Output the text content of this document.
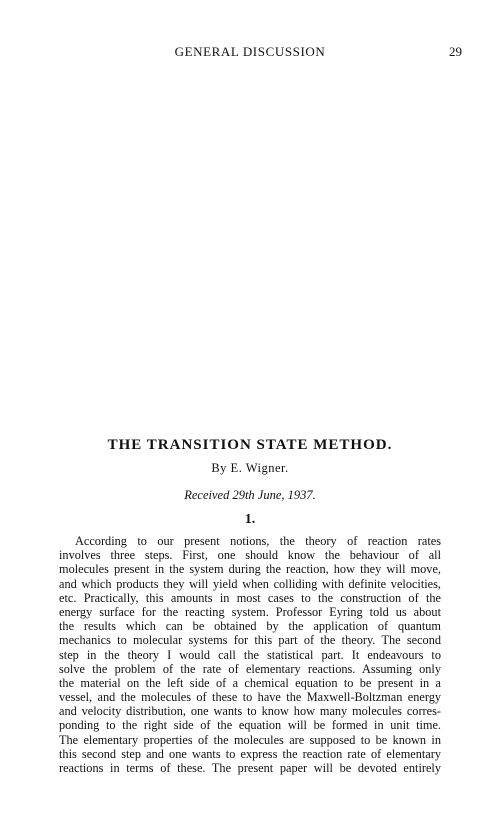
GENERAL DISCUSSION	29
THE TRANSITION STATE METHOD.
By E. Wigner.
Received 29th June, 1937.
1.
According to our present notions, the theory of reaction rates
involves three steps. First, one should know the behaviour of all
molecules present in the system during the reaction, how they will move,
and which products they will yield when colliding with definite velocities,
etc. Practically, this amounts in most cases to the construction of the
energy surface for the reacting system. Professor Eyring told us about
the results which can be obtained by the application of quantum
mechanics to molecular systems for this part of the theory. The second
step in the theory I would call the statistical part. It endeavours to
solve the problem of the rate of elementary reactions. Assuming only
the material on the left side of a chemical equation to be present in a
vessel, and the molecules of these to have the Maxwell-Boltzman energy
and velocity distribution, one wants to know how many molecules corres-
ponding to the right side of the equation will be formed in unit time.
The elementary properties of the molecules are supposed to be known in
this second step and one wants to express the reaction rate of elementary
reactions in terms of these. The present paper will be devoted entirely
